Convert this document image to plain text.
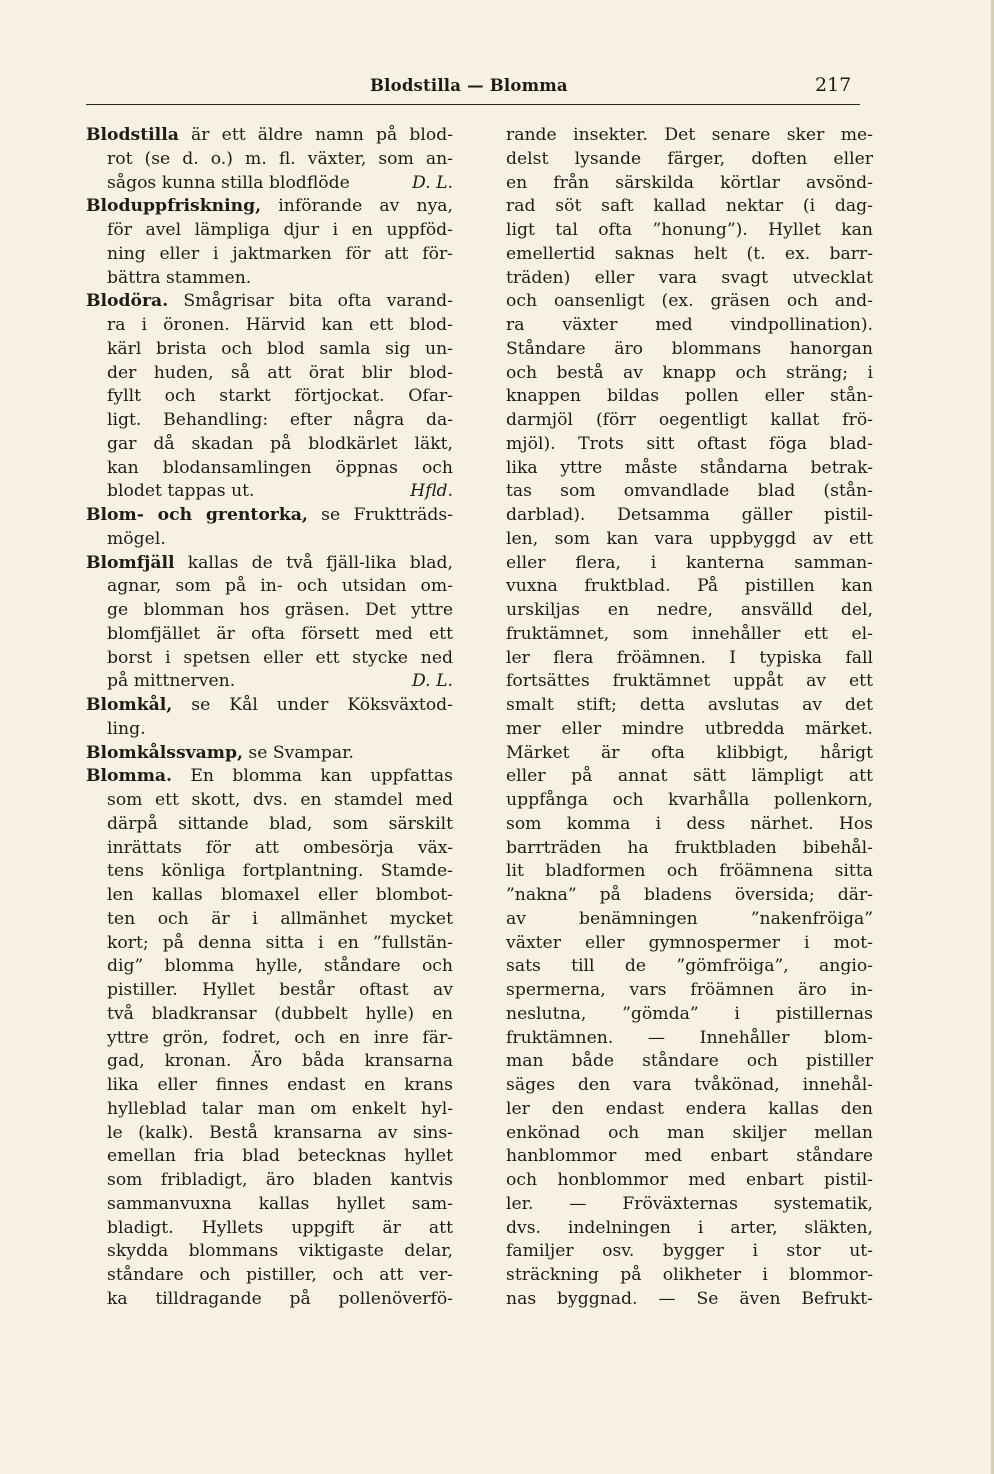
Blodstilla — Blomma	217
Blodstilla är ett äldre namn på blod-
rot (se d. o.) m. fl. växter, som an-
sågos kunna stilla blodflöde	D. L.
Bloduppfriskning, införande av nya,
för avel lämpliga djur i en uppföd-
ning eller i jaktmarken för att för-
bättra stammen.
Blodöra. Smågrisar bita ofta varand-
ra i öronen. Härvid kan ett blod-
kärl brista och blod samla sig un-
der huden, så att örat blir blod-
fyllt och starkt förtjockat. Ofar-
ligt. Behandling: efter några da-
gar då skadan på blodkärlet läkt,
kan blodansamlingen öppnas och
blodet tappas ut.	Hfld.
Blom- och grentorka, se Fruktträds-
mögel.
Blomfjäll kallas de två fjäll-lika blad,
agnar, som på in- och utsidan om-
ge blomman hos gräsen. Det yttre
blomfjället är ofta försett med ett
borst i spetsen eller ett stycke ned
på mittnerven.	D. L.
Blomkål, se Kål under Köksväxtod-
ling.
Blomkålssvamp, se Svampar.
Blomma. En blomma kan uppfattas
som ett skott, dvs. en stamdel med
därpå sittande blad, som särskilt
inrättats för att ombesörja väx-
tens könliga fortplantning. Stamde-
len kallas blomaxel eller blombot-
ten och är i allmänhet mycket
kort; på denna sitta i en ”fullstän-
dig” blomma hylle, ståndare och
pistiller. Hyllet består oftast av
två bladkransar (dubbelt hylle) en
yttre grön, fodret, och en inre fär-
gad, kronan. Äro båda kransarna
lika eller finnes endast en krans
hylleblad talar man om enkelt hyl-
le (kalk). Bestå kransarna av sins-
emellan fria blad betecknas hyllet
som fribladigt, äro bladen kantvis
sammanvuxna kallas hyllet sam-
bladigt. Hyllets uppgift är att
skydda blommans viktigaste delar,
ståndare och pistiller, och att ver-
ka tilldragande på pollenöverfö-
rande insekter. Det senare sker me-
delst lysande färger, doften eller
en från särskilda körtlar avsönd-
rad söt saft kallad nektar (i dag-
ligt tal ofta ”honung”). Hyllet kan
emellertid saknas helt (t. ex. barr-
träden) eller vara svagt utvecklat
och oansenligt (ex. gräsen och and-
ra växter med vindpollination).
Ståndare äro blommans hanorgan
och bestå av knapp och sträng; i
knappen bildas pollen eller stån-
darmjöl (förr oegentligt kallat frö-
mjöl). Trots sitt oftast föga blad-
lika yttre måste ståndarna betrak-
tas som omvandlade blad (stån-
darblad). Detsamma gäller pistil-
len, som kan vara uppbyggd av ett
eller flera, i kanterna samman-
vuxna fruktblad. På pistillen kan
urskiljas en nedre, ansvälld del,
fruktämnet, som innehåller ett el-
ler flera fröämnen. I typiska fall
fortsättes fruktämnet uppåt av ett
smalt stift; detta avslutas av det
mer eller mindre utbredda märket.
Märket är ofta klibbigt, hårigt
eller på annat sätt lämpligt att
uppfånga och kvarhålla pollenkorn,
som komma i dess närhet. Hos
barrträden ha fruktbladen bibehål-
lit bladformen och fröämnena sitta
”nakna” på bladens översida; där-
av benämningen ”nakenfröiga”
växter eller gymnospermer i mot-
sats till de ”gömfröiga”, angio-
spermerna, vars fröämnen äro in-
neslutna, ”gömda” i pistillernas
fruktämnen. — Innehåller blom-
man både ståndare och pistiller
säges den vara tvåkönad, innehål-
ler den endast endera kallas den
enkönad och man skiljer mellan
hanblommor med enbart ståndare
och honblommor med enbart pistil-
ler. — Fröväxternas systematik,
dvs. indelningen i arter, släkten,
familjer osv. bygger i stor ut-
sträckning på olikheter i blommor-
nas byggnad. — Se även Befrukt-
